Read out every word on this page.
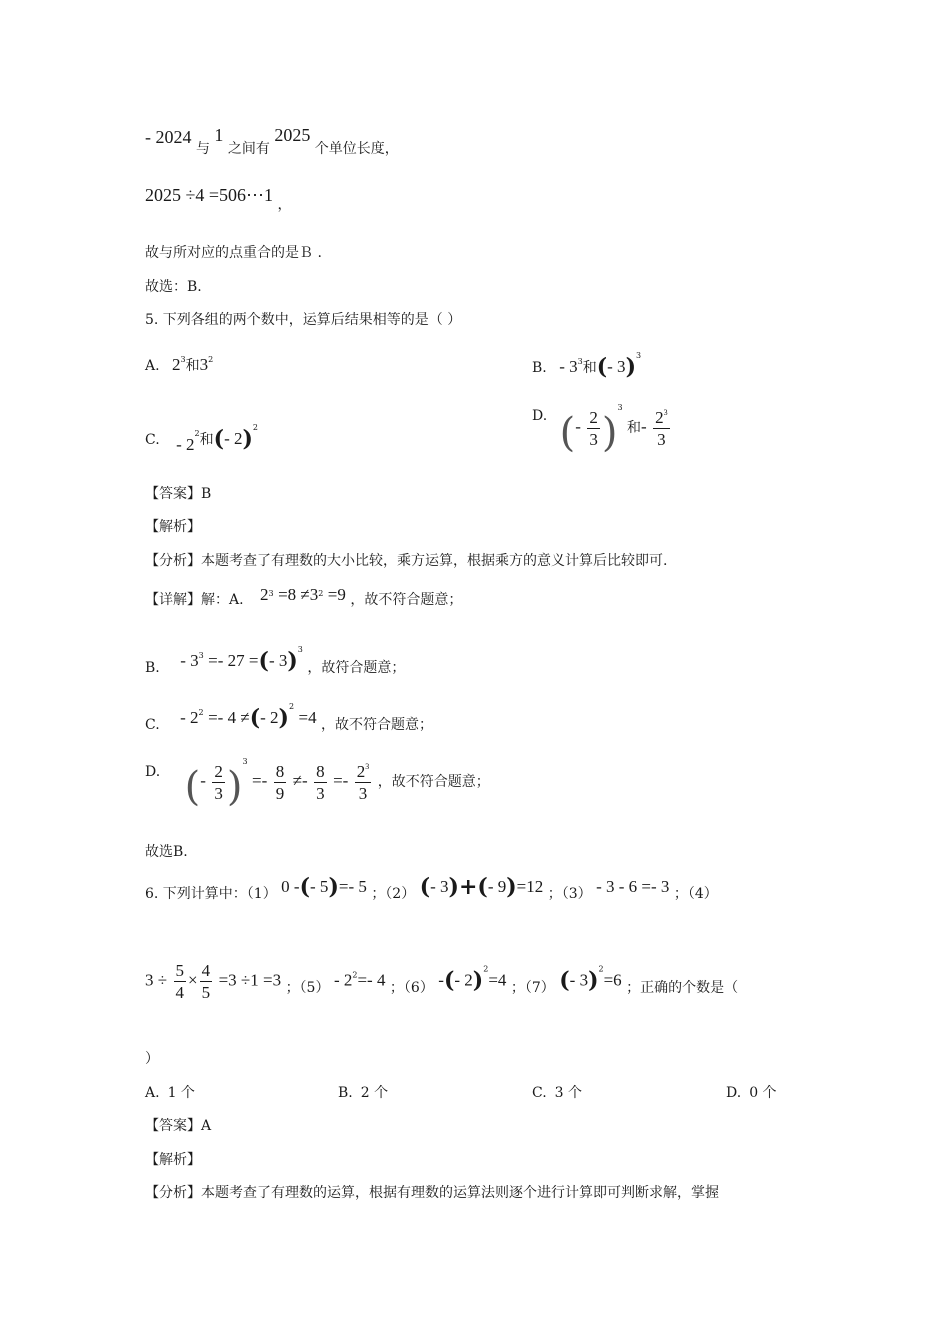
- 2024 与 1 之间有 2025 个单位长度，
2025 ÷4 =506⋯1 ，
故与所对应的点重合的是Ｂ .
故选：B.
5. 下列各组的两个数中，运算后结果相等的是（ ）
A. $2^3$和$3^2$
B. - $3^3$和(- 3)$^3$
C. - $2^2$和(- 2)$^2$
D. (- $\frac{2}{3} )^3$ 和- $\frac{2^3}{3}$
【答案】B
【解析】
【分析】本题考查了有理数的大小比较，乘方运算，根据乘方的意义计算后比较即可.
【详解】解：A. $2^3 =8 \ne 3^2 =9$ ，故不符合题意；
B. - $3^3 =- 27$ =(- 3)$^3$ ，故符合题意；
C. - $2^2 =- 4$ ≠(- 2)$^2$ =4 ，故不符合题意；
D. (- $\frac{2}{3} )^3 =- \frac{8}{9} \ne- \frac{8}{3} =- \frac{2^3}{3}$ ，故不符合题意；
故选B.
6. 下列计算中：（1） 0 -(- 5)=- 5 ；（2） (- 3)+(- 9)=12 ；（3） - 3 - 6 =- 3 ；（4）
$3 \div \frac{5}{4} \times \frac{4}{5} =3 \div 1 =3$ ；$(5) - 2^2=-$ 4 ；（6） -(- 2)$^2$=4 ；（7） (- 3)$^2$=6 ；正确的个数是（
）
A. 1 个	B. 2 个	C. 3 个	D. 0 个
【答案】A
【解析】
【分析】本题考查了有理数的运算，根据有理数的运算法则逐个进行计算即可判断求解，掌握
